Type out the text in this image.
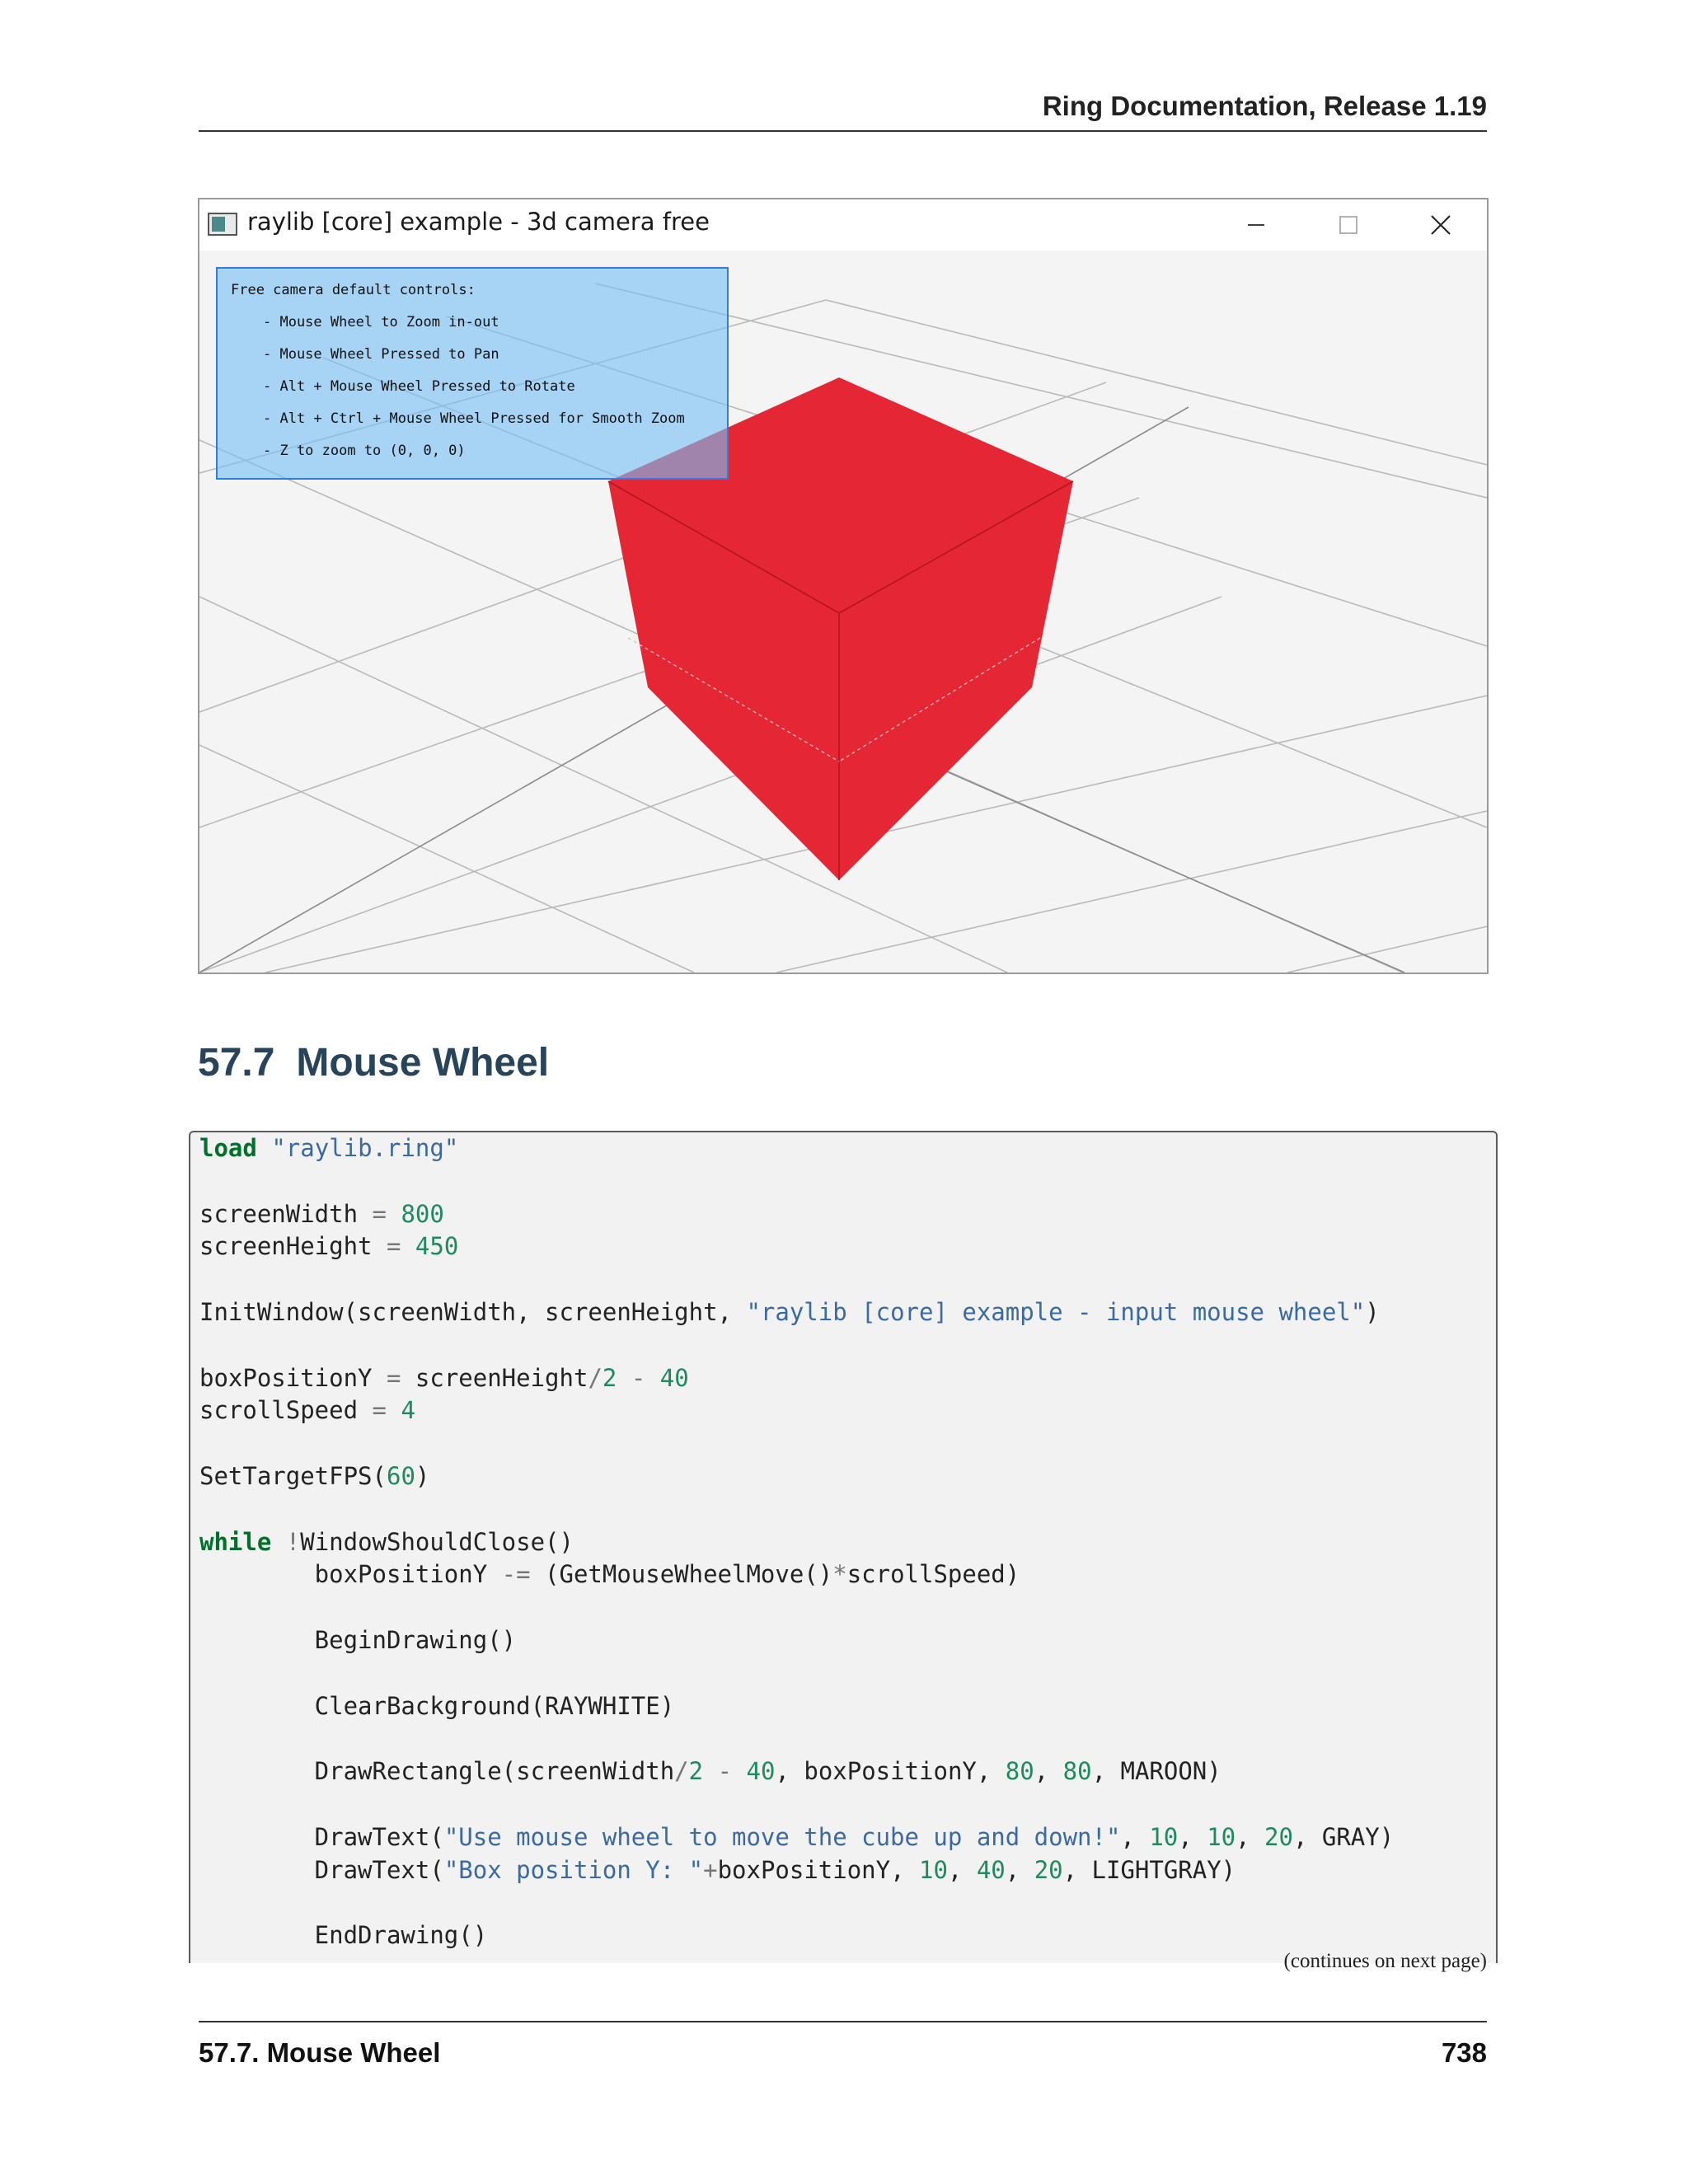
Ring Documentation, Release 1.19
raylib [core] example - 3d camera free
Free camera default controls:
- Mouse Wheel to Zoom in-out
- Mouse Wheel Pressed to Pan
- Alt + Mouse Wheel Pressed to Rotate
- Alt + Ctrl + Mouse Wheel Pressed for Smooth Zoom
- Z to zoom to (0, 0, 0)
57.7 Mouse Wheel
load "raylib.ring"

screenWidth = 800
screenHeight = 450

InitWindow(screenWidth, screenHeight, "raylib [core] example - input mouse wheel")

boxPositionY = screenHeight/2 - 40
scrollSpeed = 4

SetTargetFPS(60)

while !WindowShouldClose()
boxPositionY -= (GetMouseWheelMove()*scrollSpeed)

BeginDrawing()

ClearBackground(RAYWHITE)

DrawRectangle(screenWidth/2 - 40, boxPositionY, 80, 80, MAROON)

DrawText("Use mouse wheel to move the cube up and down!", 10, 10, 20, GRAY)
DrawText("Box position Y: "+boxPositionY, 10, 40, 20, LIGHTGRAY)

EndDrawing()
(continues on next page)
57.7. Mouse Wheel	738
